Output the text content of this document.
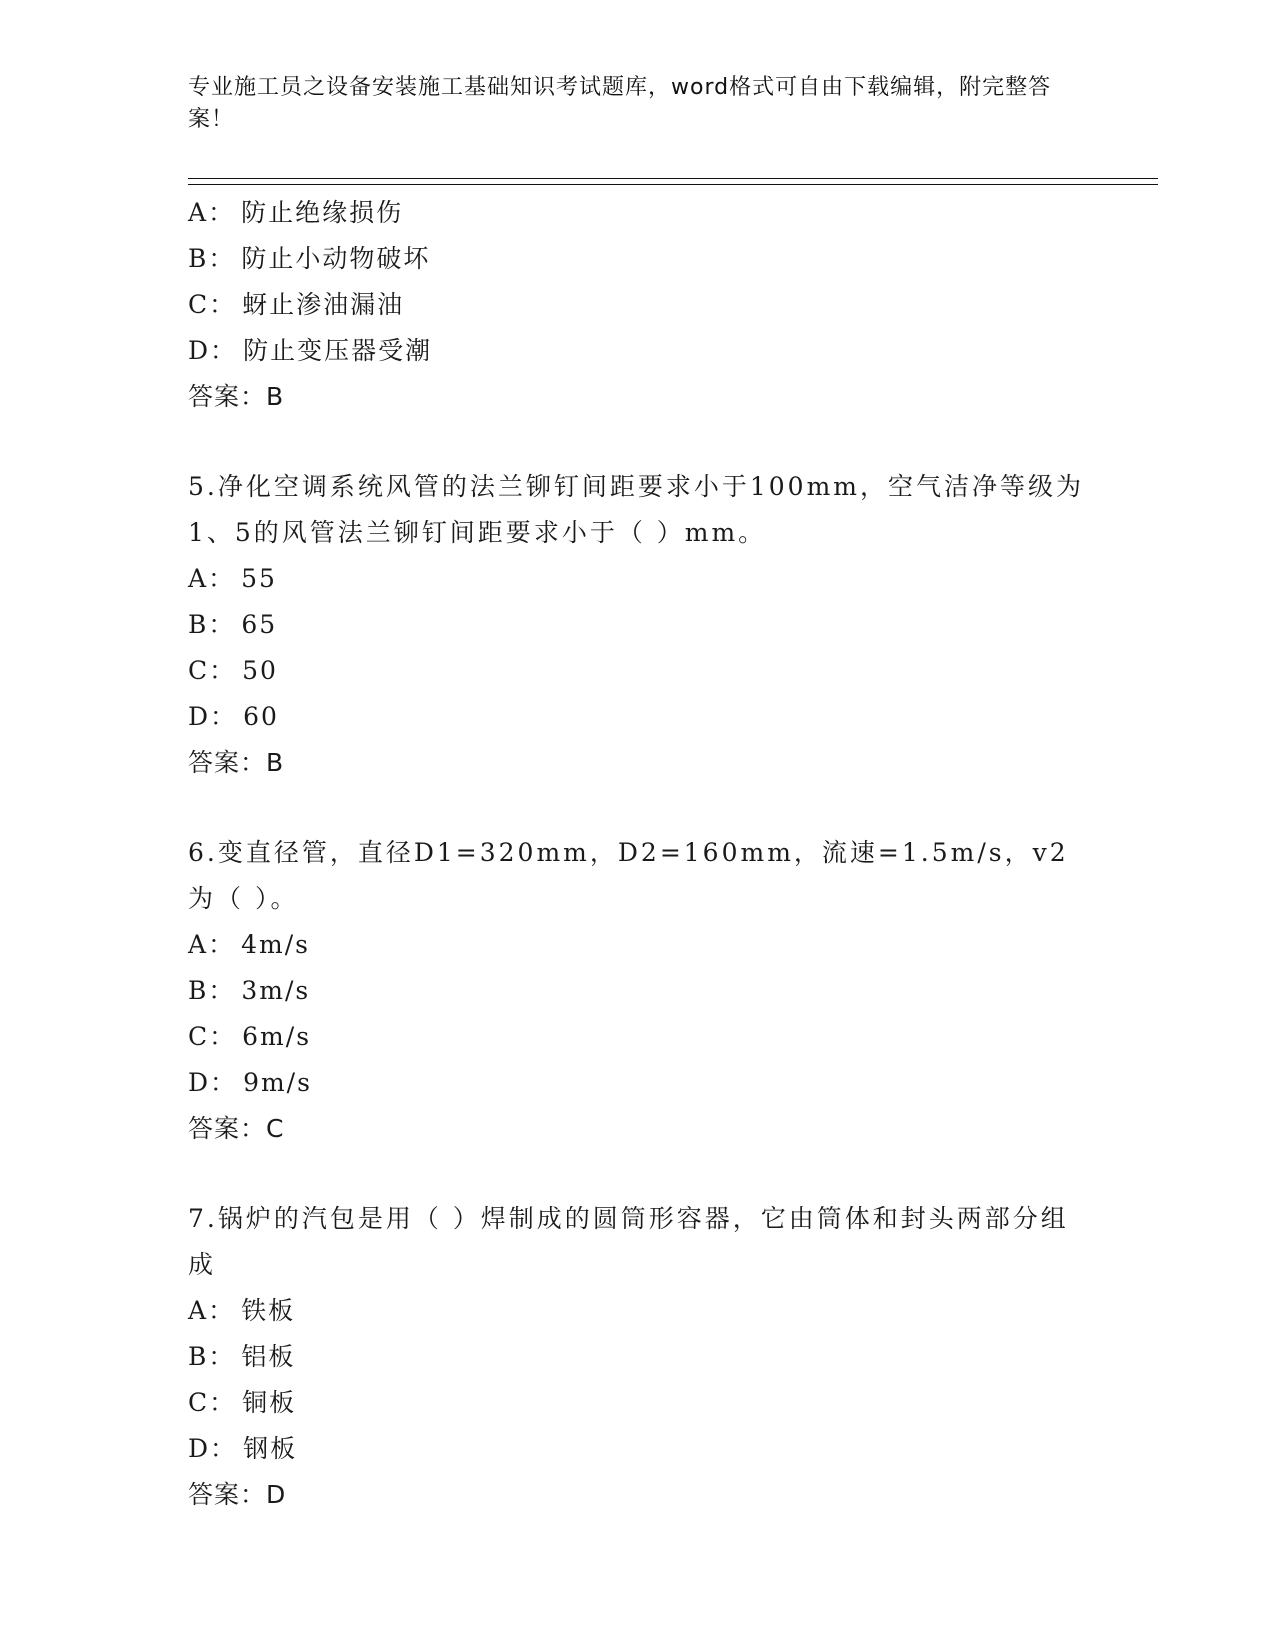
专业施工员之设备安装施工基础知识考试题库，word格式可自由下载编辑，附完整答案！
A： 防止绝缘损伤
B： 防止小动物破坏
C： 蚜止渗油漏油
D： 防止变压器受潮
答案：B
5.净化空调系统风管的法兰铆钉间距要求小于100mm，空气洁净等级为1、5的风管法兰铆钉间距要求小于（ ）mm。
A： 55
B： 65
C： 50
D： 60
答案：B
6.变直径管，直径D1=320mm，D2=160mm，流速=1.5m/s，v2为（ ）。
A： 4m/s
B： 3m/s
C： 6m/s
D： 9m/s
答案：C
7.锅炉的汽包是用（ ）焊制成的圆筒形容器，它由筒体和封头两部分组成
A： 铁板
B： 铝板
C： 铜板
D： 钢板
答案：D
